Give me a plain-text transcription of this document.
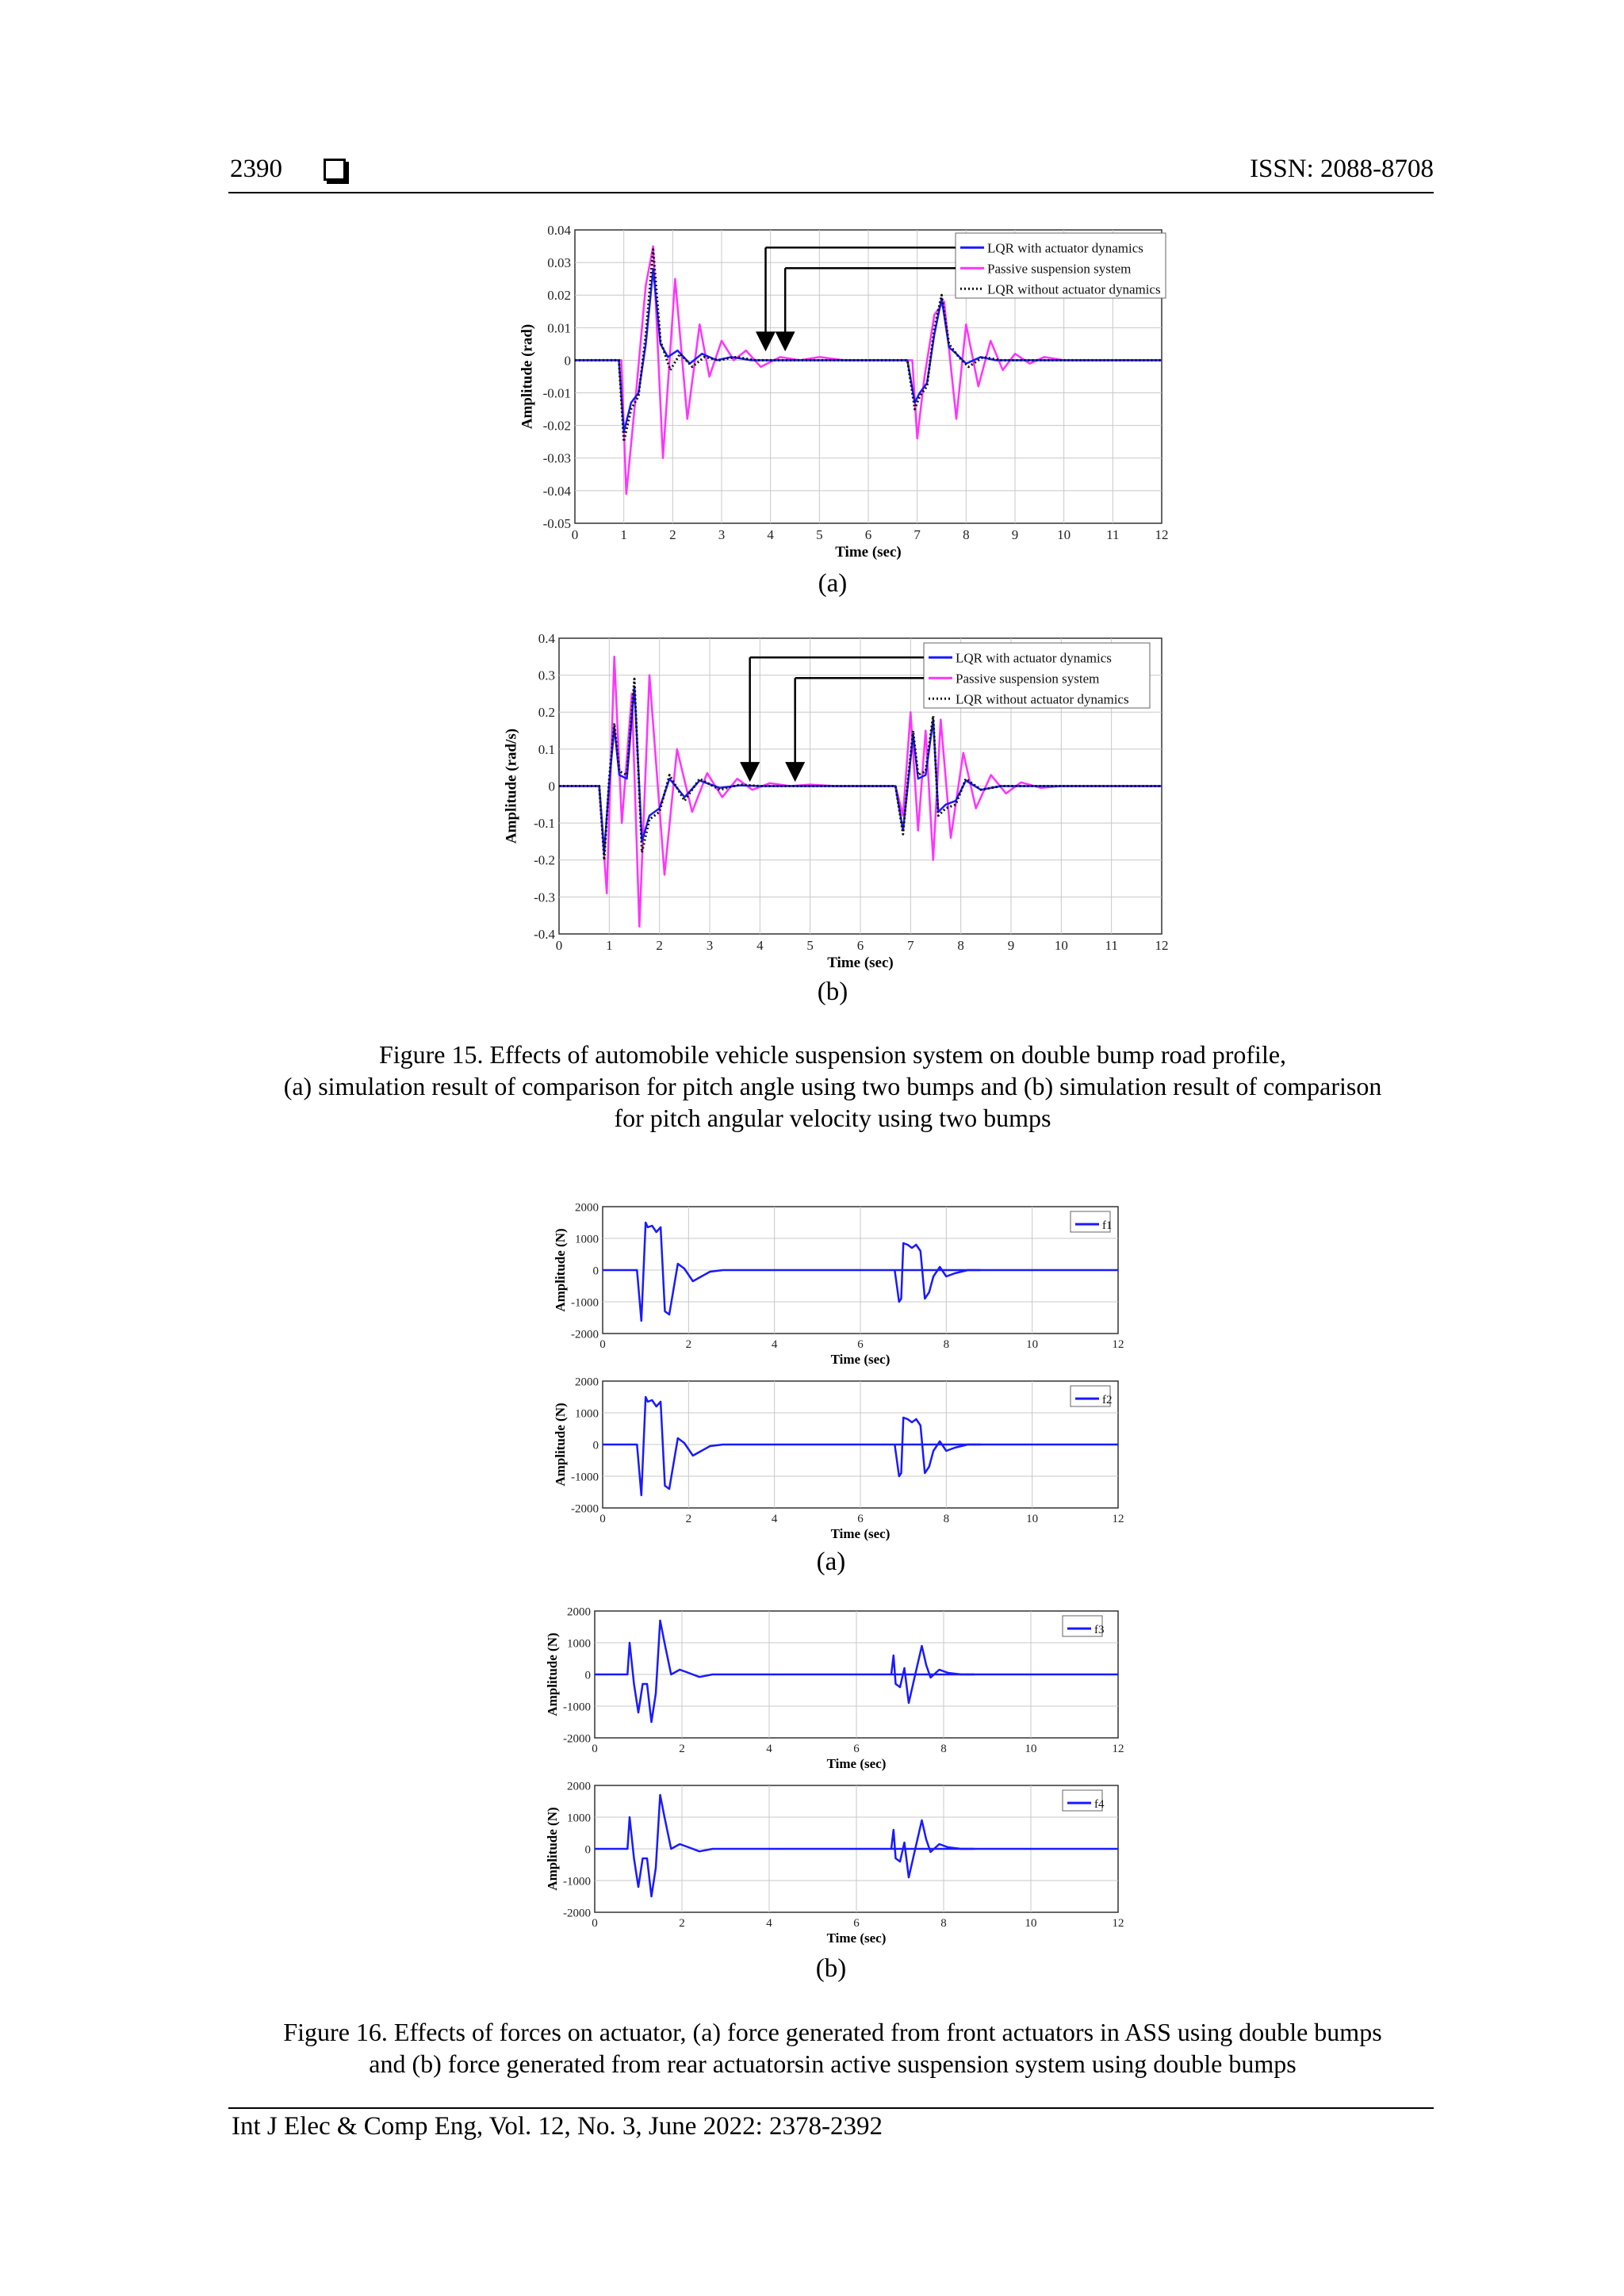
2390	ISSN: 2088-8708
0	1	2	3	4	5	6	7	8	9	10	11	12
0.04
0.03
0.02
0.01
0
-0.01
-0.02
-0.03
-0.04
-0.05
Time (sec)
Amplitude (rad)
LQR with actuator dynamics
Passive suspension system
LQR without actuator dynamics
(a)
0	1	2	3	4	5	6	7	8	9	10	11	12
0.4
0.3
0.2
0.1
0
-0.1
-0.2
-0.3
-0.4
Time (sec)
Amplitude (rad/s)
LQR with actuator dynamics
Passive suspension system
LQR without actuator dynamics
(b)
Figure 15. Effects of automobile vehicle suspension system on double bump road profile,
(a) simulation result of comparison for pitch angle using two bumps and (b) simulation result of comparison
for pitch angular velocity using two bumps
0	2	4	6	8	10	12
2000
1000
0
-1000
-2000
Time (sec)
Amplitude (N)
f1
0	2	4	6	8	10	12
2000
1000
0
-1000
-2000
Time (sec)
Amplitude (N)
f2
(a)
0	2	4	6	8	10	12
2000
1000
0
-1000
-2000
Time (sec)
Amplitude (N)
f3
0	2	4	6	8	10	12
2000
1000
0
-1000
-2000
Time (sec)
Amplitude (N)
f4
(b)
Figure 16. Effects of forces on actuator, (a) force generated from front actuators in ASS using double bumps
and (b) force generated from rear actuatorsin active suspension system using double bumps
Int J Elec & Comp Eng, Vol. 12, No. 3, June 2022: 2378-2392
